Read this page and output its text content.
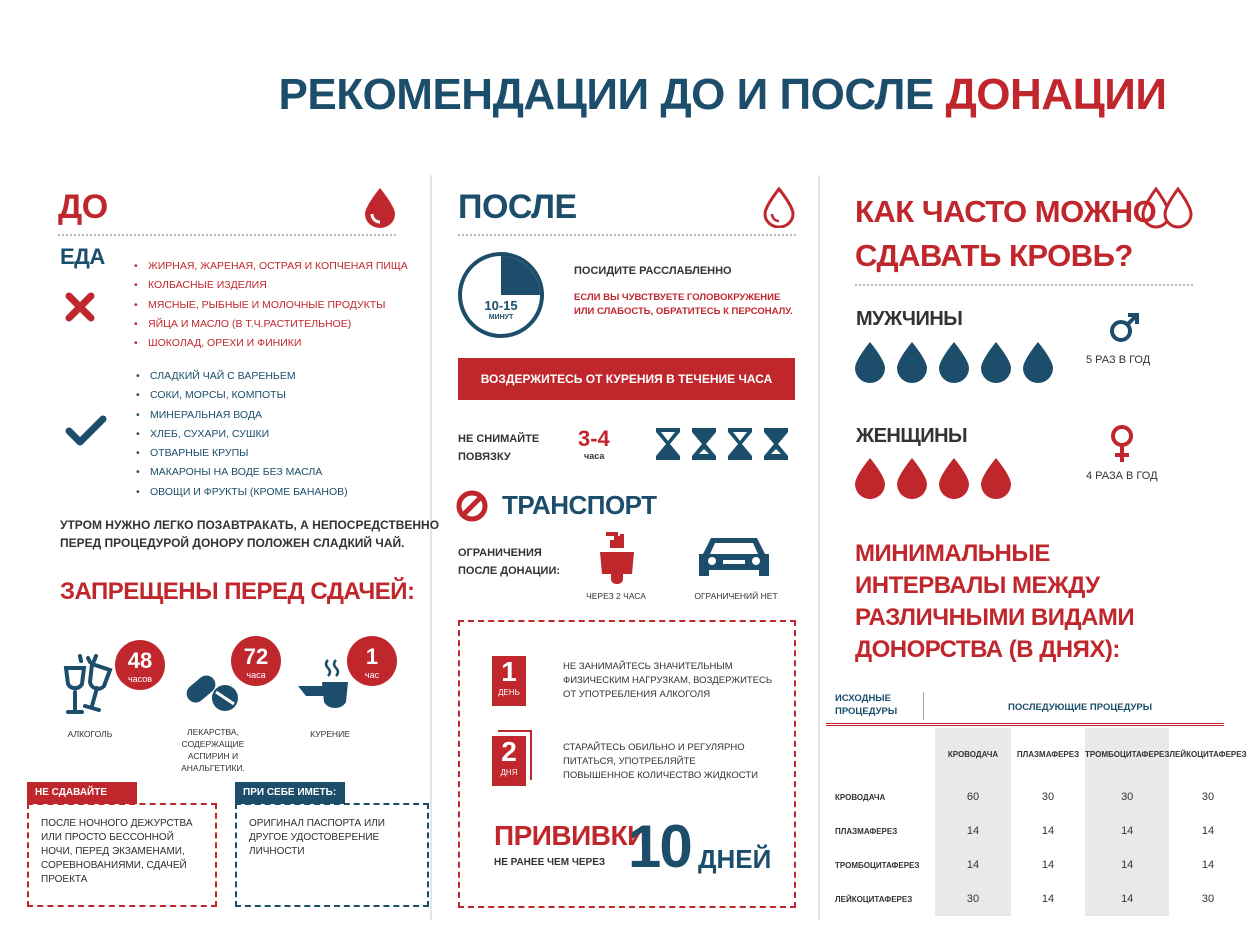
РЕКОМЕНДАЦИИ ДО И ПОСЛЕ ДОНАЦИИ
ДО
ЕДА	• ЖИРНАЯ, ЖАРЕНАЯ, ОСТРАЯ И КОПЧЕНАЯ ПИЩА
• КОЛБАСНЫЕ ИЗДЕЛИЯ
• МЯСНЫЕ, РЫБНЫЕ И МОЛОЧНЫЕ ПРОДУКТЫ
• ЯЙЦА И МАСЛО (В Т.Ч.РАСТИТЕЛЬНОЕ)
• ШОКОЛАД, ОРЕХИ И ФИНИКИ
• СЛАДКИЙ ЧАЙ С ВАРЕНЬЕМ
• СОКИ, МОРСЫ, КОМПОТЫ
• МИНЕРАЛЬНАЯ ВОДА
• ХЛЕБ, СУХАРИ, СУШКИ
• ОТВАРНЫЕ КРУПЫ
• МАКАРОНЫ НА ВОДЕ БЕЗ МАСЛА
• ОВОЩИ И ФРУКТЫ (КРОМЕ БАНАНОВ)
УТРОМ НУЖНО ЛЕГКО ПОЗАВТРАКАТЬ, А НЕПОСРЕДСТВЕННО
ПЕРЕД ПРОЦЕДУРОЙ ДОНОРУ ПОЛОЖЕН СЛАДКИЙ ЧАЙ.
ЗАПРЕЩЕНЫ ПЕРЕД СДАЧЕЙ:
48
часов
АЛКОГОЛЬ
72
часа
ЛЕКАРСТВА, СОДЕРЖАЩИЕ
АСПИРИН И АНАЛЬГЕТИКИ.
1
час
КУРЕНИЕ
НЕ СДАВАЙТЕ КРОВЬ:
ПОСЛЕ НОЧНОГО ДЕЖУРСТВА ИЛИ ПРОСТО БЕССОННОЙ НОЧИ, ПЕРЕД ЭКЗАМЕНАМИ, СОРЕВНОВАНИЯМИ, СДАЧЕЙ ПРОЕКТА
ПРИ СЕБЕ ИМЕТЬ:
ОРИГИНАЛ ПАСПОРТА ИЛИ ДРУГОЕ УДОСТОВЕРЕНИЕ ЛИЧНОСТИ
ПОСЛЕ
10-15
МИНУТ
ПОСИДИТЕ РАССЛАБЛЕННО
ЕСЛИ ВЫ ЧУВСТВУЕТЕ ГОЛОВОКРУЖЕНИЕ
ИЛИ СЛАБОСТЬ, ОБРАТИТЕСЬ К ПЕРСОНАЛУ.
ВОЗДЕРЖИТЕСЬ ОТ КУРЕНИЯ В ТЕЧЕНИЕ ЧАСА
НЕ СНИМАЙТЕ
ПОВЯЗКУ
3-4
часа
ТРАНСПОРТ
ОГРАНИЧЕНИЯ
ПОСЛЕ ДОНАЦИИ:
ЧЕРЕЗ 2 ЧАСА	ОГРАНИЧЕНИЙ НЕТ
1
ДЕНЬ
НЕ ЗАНИМАЙТЕСЬ ЗНАЧИТЕЛЬНЫМ
ФИЗИЧЕСКИМ НАГРУЗКАМ, ВОЗДЕРЖИТЕСЬ
ОТ УПОТРЕБЛЕНИЯ АЛКОГОЛЯ
2
ДНЯ
СТАРАЙТЕСЬ ОБИЛЬНО И РЕГУЛЯРНО
ПИТАТЬСЯ, УПОТРЕБЛЯЙТЕ
ПОВЫШЕННОЕ КОЛИЧЕСТВО ЖИДКОСТИ
ПРИВИВКИ
НЕ РАНЕЕ ЧЕМ ЧЕРЕЗ 10 ДНЕЙ
КАК ЧАСТО МОЖНО
СДАВАТЬ КРОВЬ?
МУЖЧИНЫ
5 РАЗ В ГОД
ЖЕНЩИНЫ
4 РАЗА В ГОД
МИНИМАЛЬНЫЕ
ИНТЕРВАЛЫ МЕЖДУ
РАЗЛИЧНЫМИ ВИДАМИ
ДОНОРСТВА (В ДНЯХ):
ИСХОДНЫЕ
ПРОЦЕДУРЫ	ПОСЛЕДУЮЩИЕ ПРОЦЕДУРЫ
	КРОВОДАЧА	ПЛАЗМАФЕРЕЗ	ТРОМБОЦИТАФЕРЕЗ	ЛЕЙКОЦИТАФЕРЕЗ
КРОВОДАЧА	60	30	30	30
ПЛАЗМАФЕРЕЗ	14	14	14	14
ТРОМБОЦИТАФЕРЕЗ	14	14	14	14
ЛЕЙКОЦИТАФЕРЕЗ	30	14	14	30
